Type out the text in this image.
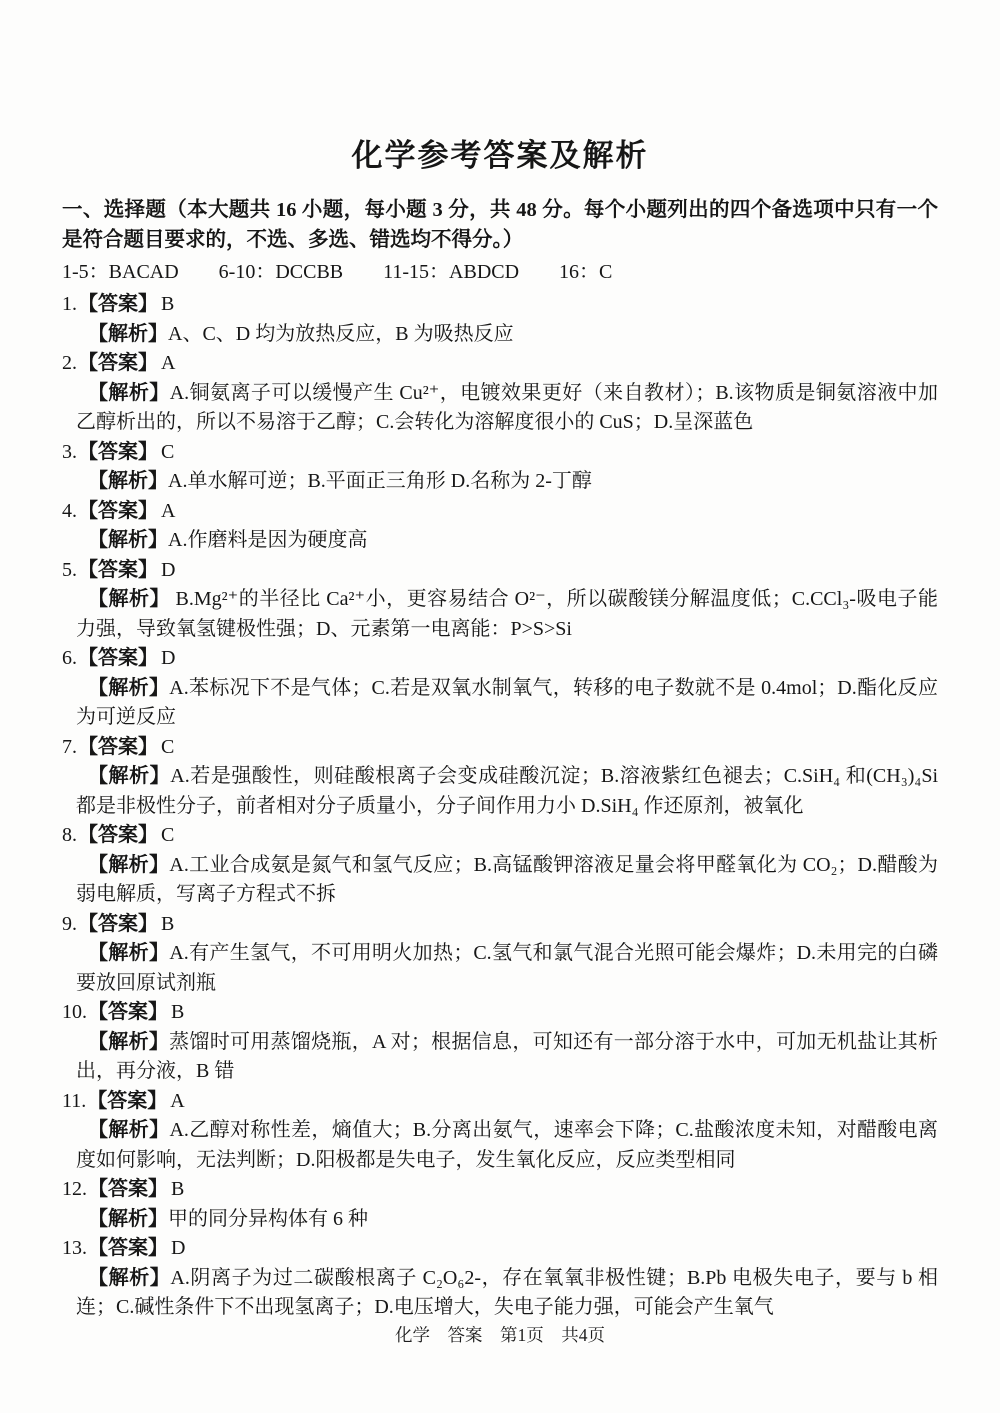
化学参考答案及解析

一、选择题（本大题共 16 小题，每小题 3 分，共 48 分。每个小题列出的四个备选项中只有一个是符合题目要求的，不选、多选、错选均不得分。）

1-5：BACAD　　6-10：DCCBB　　11-15：ABDCD　　16：C

1.【答案】 B

【解析】A、C、D 均为放热反应，B 为吸热反应

2.【答案】 A

【解析】A.铜氨离子可以缓慢产生 Cu²⁺，电镀效果更好（来自教材）；B.该物质是铜氨溶液中加乙醇析出的，所以不易溶于乙醇；C.会转化为溶解度很小的 CuS；D.呈深蓝色

3.【答案】 C

【解析】A.单水解可逆；B.平面正三角形 D.名称为 2-丁醇

4.【答案】 A

【解析】A.作磨料是因为硬度高

5.【答案】 D

【解析】 B.Mg²⁺的半径比 Ca²⁺小，更容易结合 O²⁻，所以碳酸镁分解温度低；C.CCl₃-吸电子能力强，导致氧氢键极性强；D、元素第一电离能：P>S>Si

6.【答案】 D

【解析】A.苯标况下不是气体；C.若是双氧水制氧气，转移的电子数就不是 0.4mol；D.酯化反应为可逆反应

7.【答案】 C

【解析】A.若是强酸性，则硅酸根离子会变成硅酸沉淀；B.溶液紫红色褪去；C.SiH₄ 和(CH₃)₄Si 都是非极性分子，前者相对分子质量小，分子间作用力小 D.SiH₄ 作还原剂，被氧化

8.【答案】 C

【解析】A.工业合成氨是氮气和氢气反应；B.高锰酸钾溶液足量会将甲醛氧化为 CO₂；D.醋酸为弱电解质，写离子方程式不拆

9.【答案】 B

【解析】A.有产生氢气，不可用明火加热；C.氢气和氯气混合光照可能会爆炸；D.未用完的白磷要放回原试剂瓶

10.【答案】 B

【解析】蒸馏时可用蒸馏烧瓶，A 对；根据信息，可知还有一部分溶于水中，可加无机盐让其析出，再分液，B 错

11.【答案】 A

【解析】A.乙醇对称性差，熵值大；B.分离出氨气，速率会下降；C.盐酸浓度未知，对醋酸电离度如何影响，无法判断；D.阳极都是失电子，发生氧化反应，反应类型相同

12.【答案】 B

【解析】甲的同分异构体有 6 种

13.【答案】 D

【解析】A.阴离子为过二碳酸根离子 C₂O₆2-，存在氧氧非极性键；B.Pb 电极失电子，要与 b 相连；C.碱性条件下不出现氢离子；D.电压增大，失电子能力强，可能会产生氧气

化学　答案　第1页　共4页
